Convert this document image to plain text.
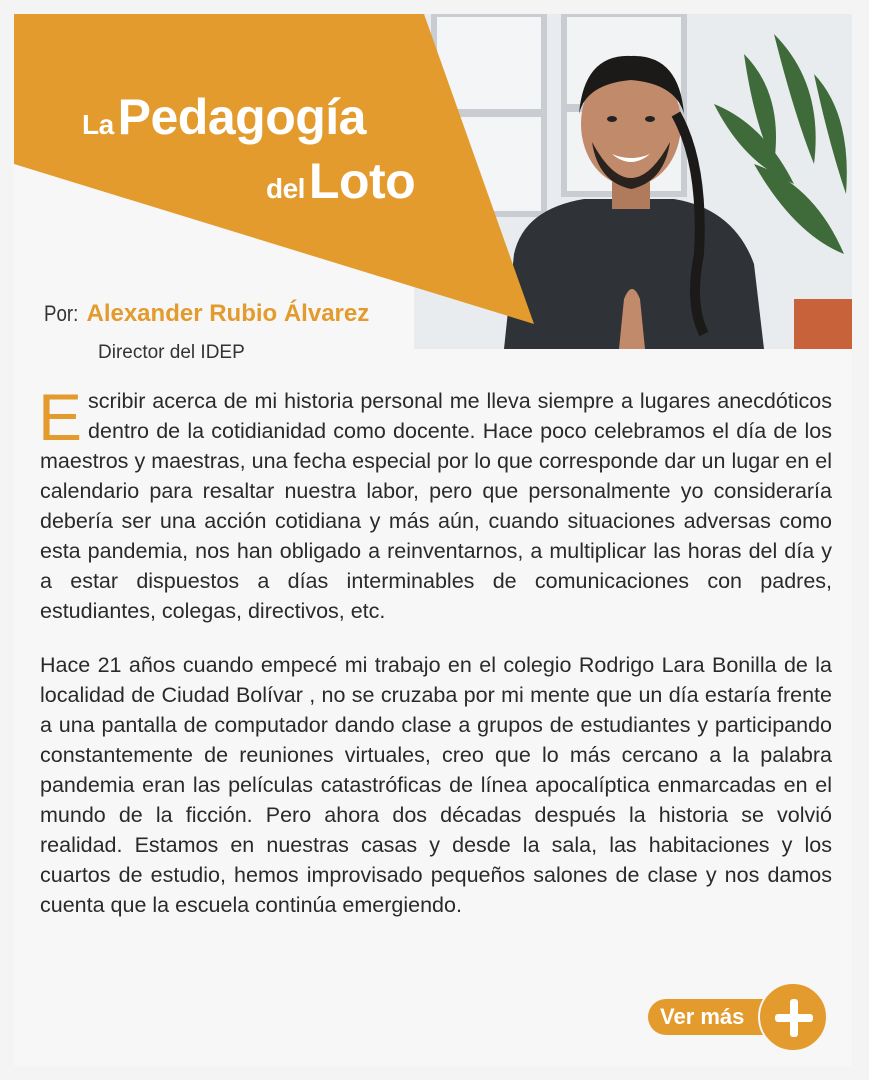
La Pedagogía
del Loto
Por: Alexander Rubio Álvarez
Director del IDEP

Escribir acerca de mi historia personal me lleva siempre a lugares anecdóticos dentro de la cotidianidad como docente. Hace poco celebramos el día de los maestros y maestras, una fecha especial por lo que corresponde dar un lugar en el calendario para resaltar nuestra labor, pero que personalmente yo consideraría debería ser una acción cotidiana y más aún, cuando situaciones adversas como esta pandemia, nos han obligado a reinventarnos, a multiplicar las horas del día y a estar dispuestos a días interminables de comunicaciones con padres, estudiantes, colegas, directivos, etc.

Hace 21 años cuando empecé mi trabajo en el colegio Rodrigo Lara Bonilla de la localidad de Ciudad Bolívar , no se cruzaba por mi mente que un día estaría frente a una pantalla de computador dando clase a grupos de estudiantes y participando constantemente de reuniones virtuales, creo que lo más cercano a la palabra pandemia eran las películas catastróficas de línea apocalíptica enmarcadas en el mundo de la ficción. Pero ahora dos décadas después la historia se volvió realidad. Estamos en nuestras casas y desde la sala, las habitaciones y los cuartos de estudio, hemos improvisado pequeños salones de clase y nos damos cuenta que la escuela continúa emergiendo.

Ver más
